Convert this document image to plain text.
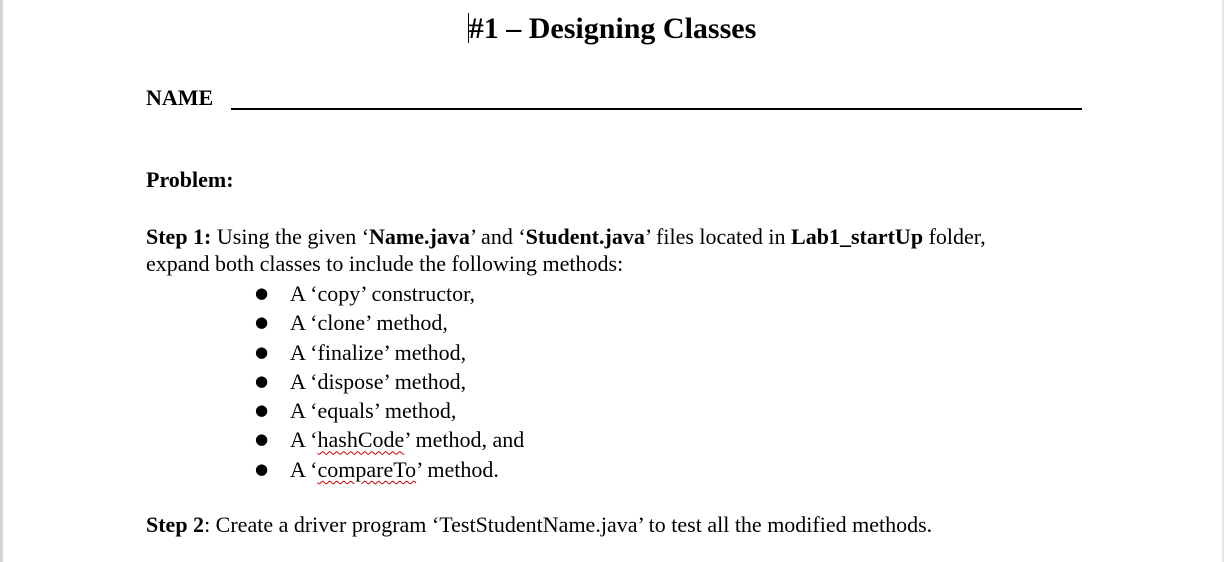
#1 – Designing Classes
NAME
Problem:
Step 1: Using the given ‘Name.java’ and ‘Student.java’ files located in Lab1_startUp folder,
expand both classes to include the following methods:
● A ‘copy’ constructor,
● A ‘clone’ method,
● A ‘finalize’ method,
● A ‘dispose’ method,
● A ‘equals’ method,
● A ‘hashCode’ method, and
● A ‘compareTo’ method.
Step 2: Create a driver program ‘TestStudentName.java’ to test all the modified methods.
